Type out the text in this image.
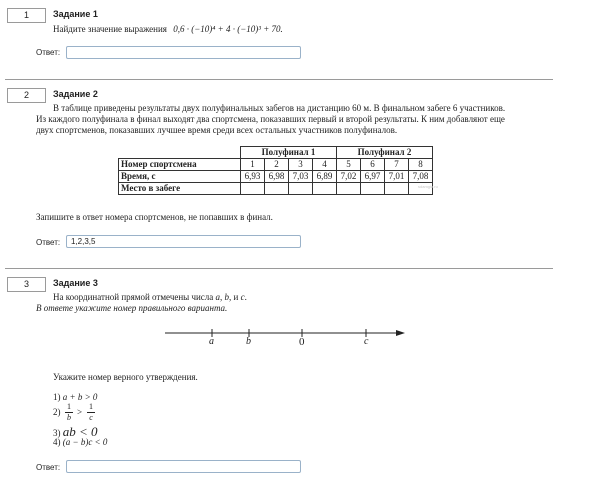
1	Задание 1
Найдите значение выражения 0,6 · (−10)⁴ + 4 · (−10)³ + 70.
Ответ:
2	Задание 2
В таблице приведены результаты двух полуфинальных забегов на дистанцию 60 м. В финальном забеге 6 участников.
Из каждого полуфинала в финал выходят два спортсмена, показавших первый и второй результаты. К ним добавляют еще
двух спортсменов, показавших лучшее время среди всех остальных участников полуфиналов.
	Полуфинал 1				Полуфинал 2			
Номер спортсмена	1	2	3	4	5	6	7	8
Время, с	6,93	6,98	7,03	6,89	7,02	6,97	7,01	7,08
Место в забеге									sdamgia.ru
Запишите в ответ номера спортсменов, не попавших в финал.
Ответ:
1,2,3,5
3	Задание 3
На координатной прямой отмечены числа a, b, и c.
В ответе укажите номер правильного варианта.
a	b	0	c
Укажите номер верного утверждения.
1) a + b > 0
$2) \frac{1}{b} > \frac{1}{c}$
3) ab < 0
4) (a − b)c < 0
Ответ:
